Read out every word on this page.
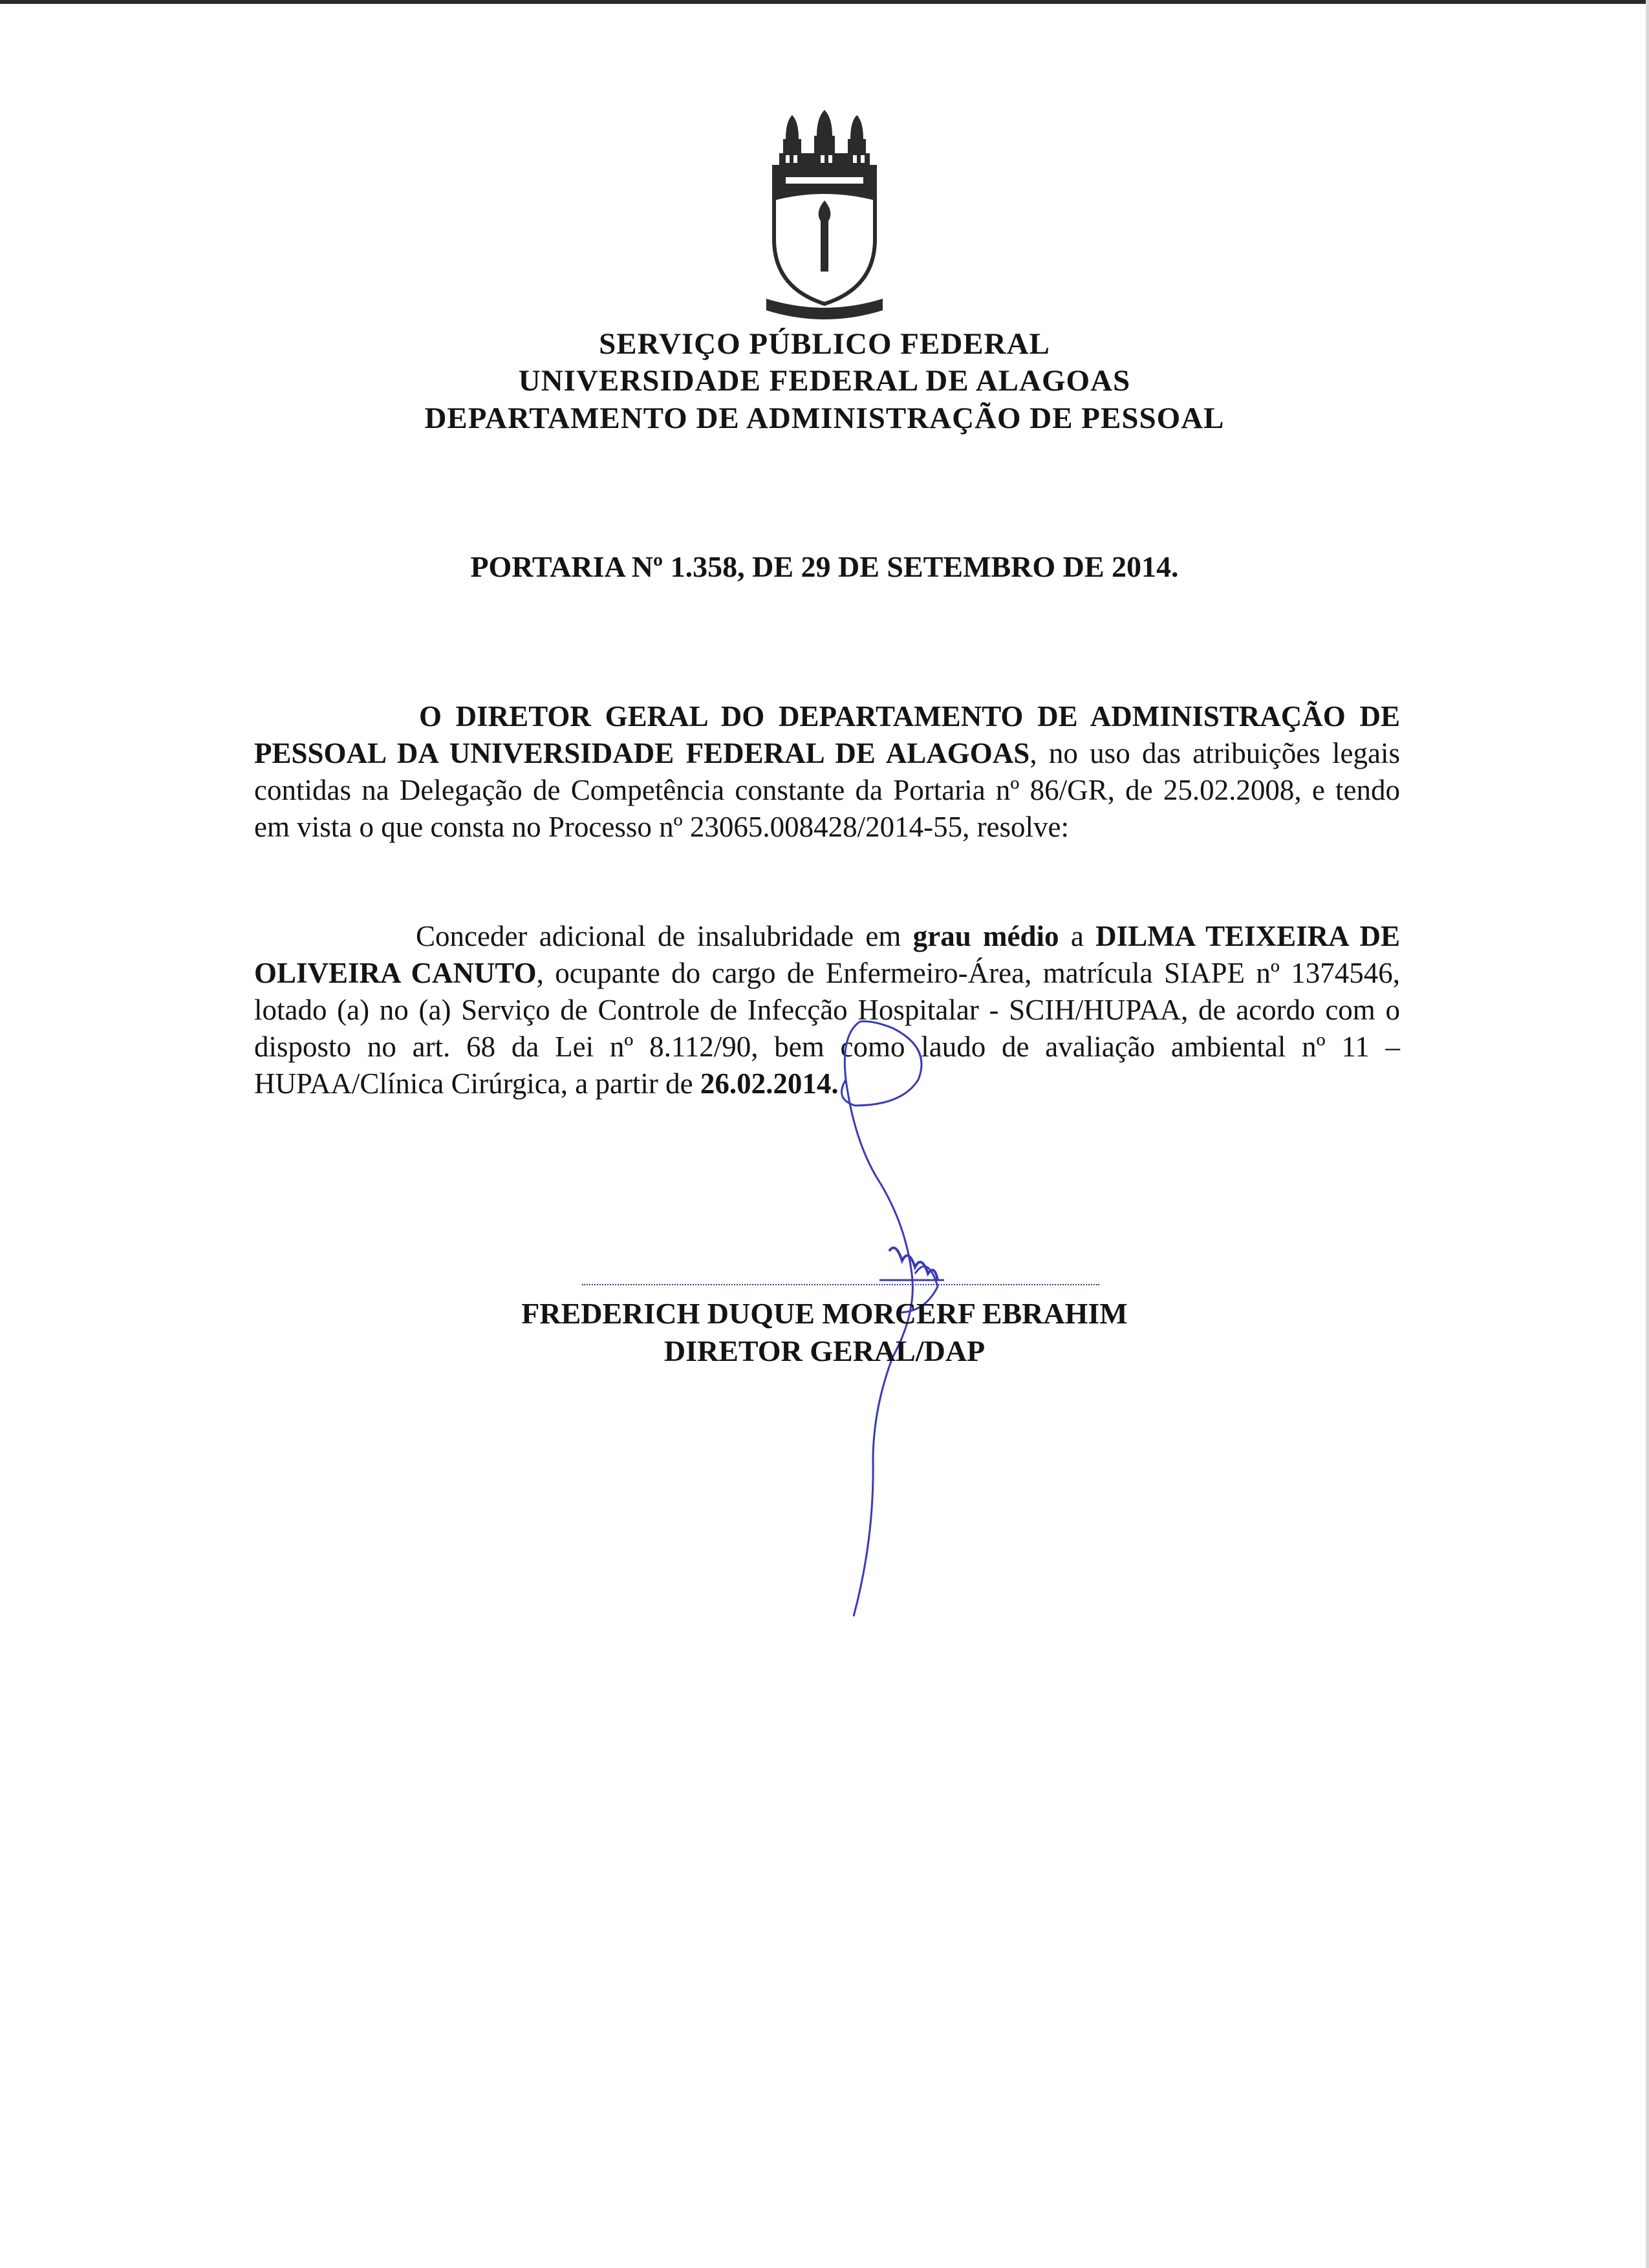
SERVIÇO PÚBLICO FEDERAL
UNIVERSIDADE FEDERAL DE ALAGOAS
DEPARTAMENTO DE ADMINISTRAÇÃO DE PESSOAL
PORTARIA Nº 1.358, DE 29 DE SETEMBRO DE 2014.
O DIRETOR GERAL DO DEPARTAMENTO DE ADMINISTRAÇÃO DE PESSOAL DA UNIVERSIDADE FEDERAL DE ALAGOAS, no uso das atribuições legais contidas na Delegação de Competência constante da Portaria nº 86/GR, de 25.02.2008, e tendo em vista o que consta no Processo nº 23065.008428/2014-55, resolve:
Conceder adicional de insalubridade em grau médio a DILMA TEIXEIRA DE OLIVEIRA CANUTO, ocupante do cargo de Enfermeiro-Área, matrícula SIAPE nº 1374546, lotado (a) no (a) Serviço de Controle de Infecção Hospitalar - SCIH/HUPAA, de acordo com o disposto no art. 68 da Lei nº 8.112/90, bem como laudo de avaliação ambiental nº 11 – HUPAA/Clínica Cirúrgica, a partir de 26.02.2014.
FREDERICH DUQUE MORCERF EBRAHIM
DIRETOR GERAL/DAP
